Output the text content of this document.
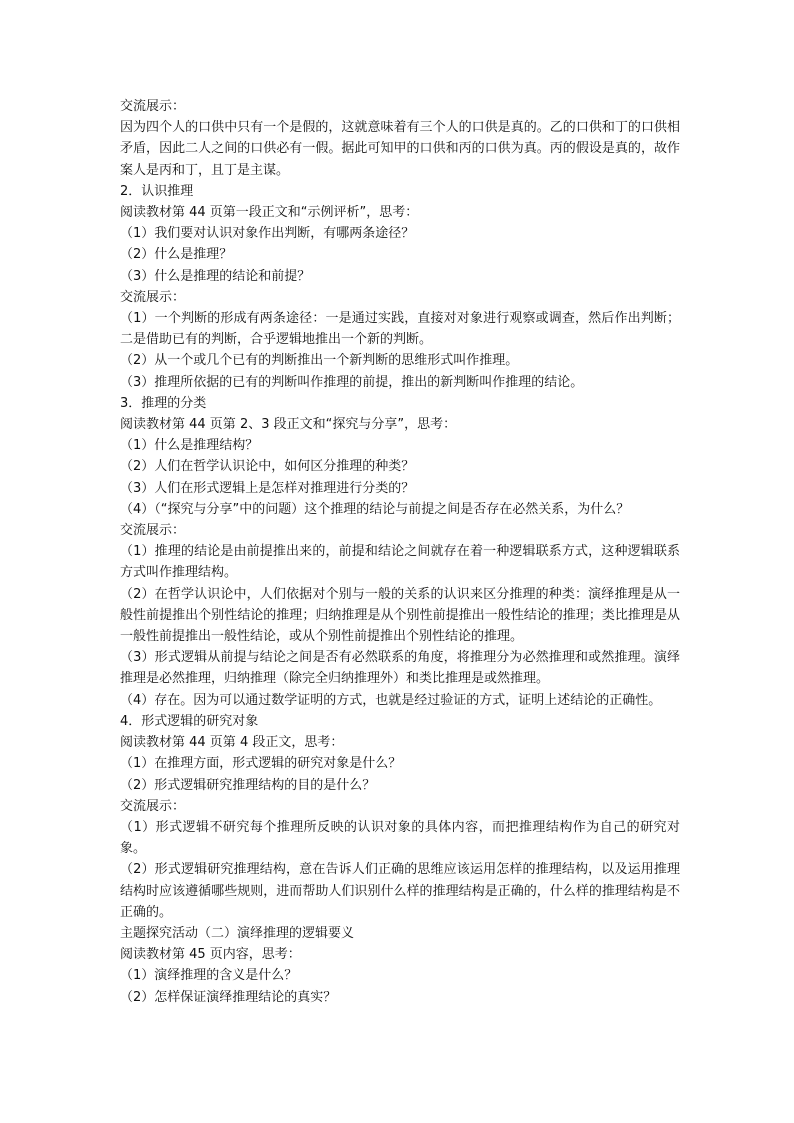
交流展示：
因为四个人的口供中只有一个是假的，这就意味着有三个人的口供是真的。乙的口供和丁的口供相矛盾，因此二人之间的口供必有一假。据此可知甲的口供和丙的口供为真。丙的假设是真的，故作案人是丙和丁，且丁是主谋。
2．认识推理
阅读教材第 44 页第一段正文和“示例评析”，思考：
（1）我们要对认识对象作出判断，有哪两条途径？
（2）什么是推理？
（3）什么是推理的结论和前提？
交流展示：
（1）一个判断的形成有两条途径：一是通过实践，直接对对象进行观察或调查，然后作出判断；二是借助已有的判断，合乎逻辑地推出一个新的判断。
（2）从一个或几个已有的判断推出一个新判断的思维形式叫作推理。
（3）推理所依据的已有的判断叫作推理的前提，推出的新判断叫作推理的结论。
3．推理的分类
阅读教材第 44 页第 2、3 段正文和“探究与分享”，思考：
（1）什么是推理结构？
（2）人们在哲学认识论中，如何区分推理的种类？
（3）人们在形式逻辑上是怎样对推理进行分类的？
（4）（“探究与分享”中的问题）这个推理的结论与前提之间是否存在必然关系，为什么？
交流展示：
（1）推理的结论是由前提推出来的，前提和结论之间就存在着一种逻辑联系方式，这种逻辑联系方式叫作推理结构。
（2）在哲学认识论中，人们依据对个别与一般的关系的认识来区分推理的种类：演绎推理是从一般性前提推出个别性结论的推理；归纳推理是从个别性前提推出一般性结论的推理；类比推理是从一般性前提推出一般性结论，或从个别性前提推出个别性结论的推理。
（3）形式逻辑从前提与结论之间是否有必然联系的角度，将推理分为必然推理和或然推理。演绎推理是必然推理，归纳推理（除完全归纳推理外）和类比推理是或然推理。
（4）存在。因为可以通过数学证明的方式，也就是经过验证的方式，证明上述结论的正确性。
4．形式逻辑的研究对象
阅读教材第 44 页第 4 段正文，思考：
（1）在推理方面，形式逻辑的研究对象是什么？
（2）形式逻辑研究推理结构的目的是什么？
交流展示：
（1）形式逻辑不研究每个推理所反映的认识对象的具体内容，而把推理结构作为自己的研究对象。
（2）形式逻辑研究推理结构，意在告诉人们正确的思维应该运用怎样的推理结构，以及运用推理结构时应该遵循哪些规则，进而帮助人们识别什么样的推理结构是正确的，什么样的推理结构是不正确的。
主题探究活动（二）演绎推理的逻辑要义
阅读教材第 45 页内容，思考：
（1）演绎推理的含义是什么？
（2）怎样保证演绎推理结论的真实？
